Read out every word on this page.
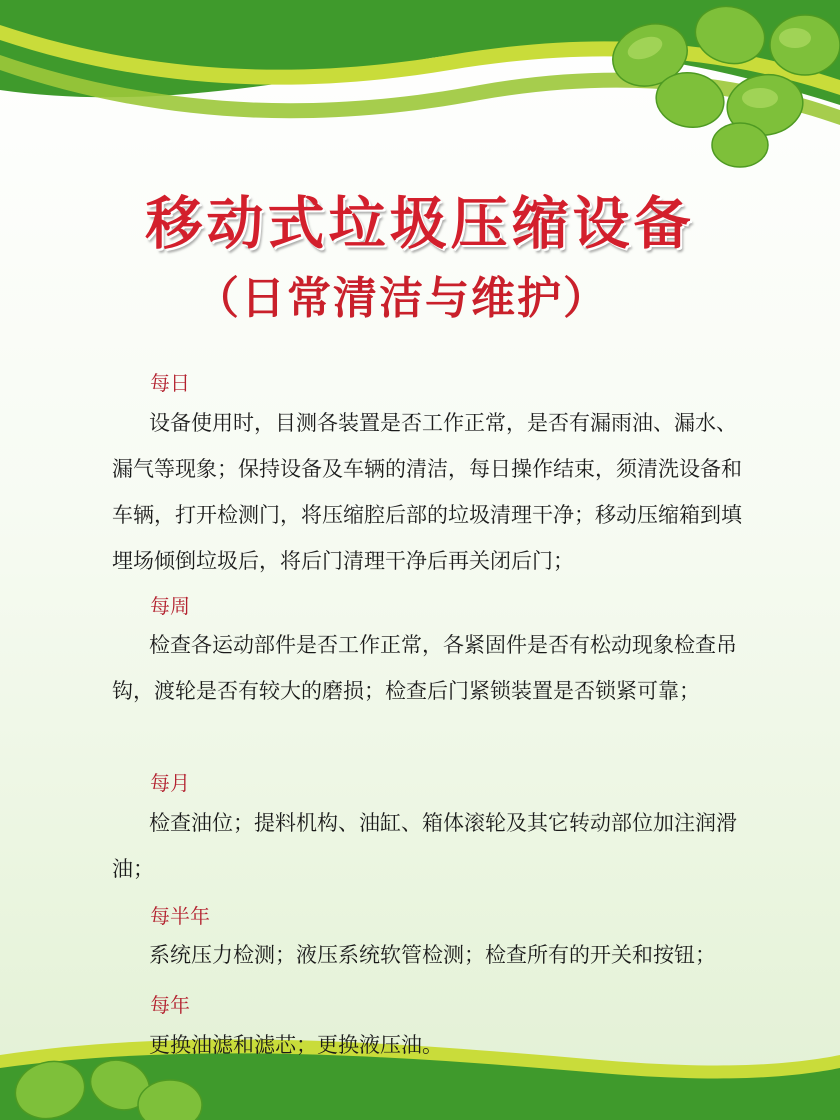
移动式垃圾压缩设备
（日常清洁与维护）
每日

设备使用时，目测各装置是否工作正常，是否有漏雨油、漏水、漏气等现象；保持设备及车辆的清洁，每日操作结束，须清洗设备和车辆，打开检测门，将压缩腔后部的垃圾清理干净；移动压缩箱到填埋场倾倒垃圾后，将后门清理干净后再关闭后门；

每周

检查各运动部件是否工作正常，各紧固件是否有松动现象检查吊钩，渡轮是否有较大的磨损；检查后门紧锁装置是否锁紧可靠；

每月

检查油位；提料机构、油缸、箱体滚轮及其它转动部位加注润滑油；

每半年

系统压力检测；液压系统软管检测；检查所有的开关和按钮；

每年

更换油滤和滤芯；更换液压油。
